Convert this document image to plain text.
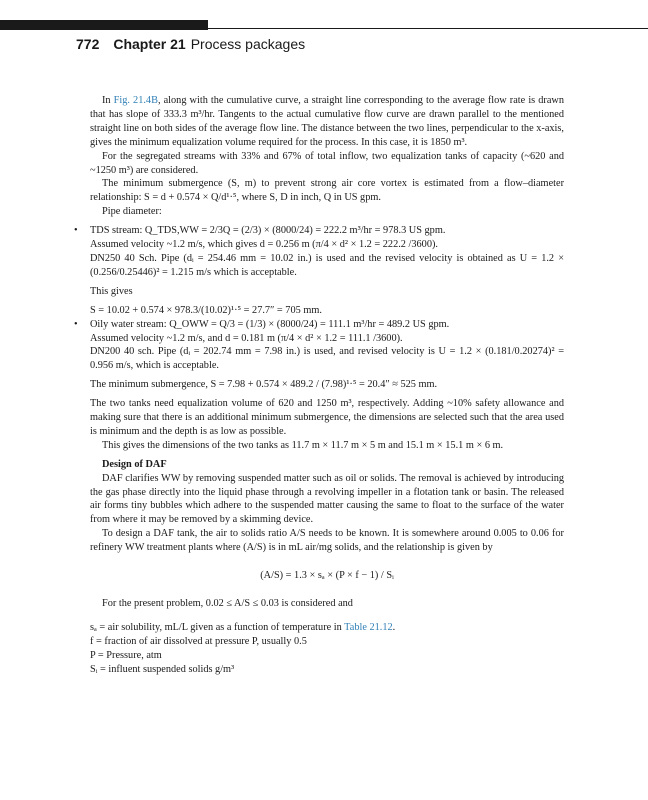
772 Chapter 21 Process packages

In Fig. 21.4B, along with the cumulative curve, a straight line corresponding to the average flow rate is drawn that has slope of 333.3 m³/hr. Tangents to the actual cumulative flow curve are drawn parallel to the mentioned straight line on both sides of the average flow line. The distance between the two lines, perpendicular to the x-axis, gives the minimum equalization volume required for the process. In this case, it is 1850 m³.

For the segregated streams with 33% and 67% of total inflow, two equalization tanks of capacity (~620 and ~1250 m³) are considered.

The minimum submergence (S, m) to prevent strong air core vortex is estimated from a flow–diameter relationship: S = d + 0.574 × Q/d¹·⁵, where S, D in inch, Q in US gpm.

Pipe diameter:

• TDS stream: Q_TDS,WW = 2/3Q = (2/3) × (8000/24) = 222.2 m³/hr = 978.3 US gpm.

Assumed velocity ~1.2 m/s, which gives d = 0.256 m (π/4 × d² × 1.2 = 222.2 /3600).

DN250 40 Sch. Pipe (dᵢ = 254.46 mm = 10.02 in.) is used and the revised velocity is obtained as U = 1.2 × (0.256/0.25446)² = 1.215 m/s which is acceptable.

This gives

S = 10.02 + 0.574 × 978.3/(10.02)¹·⁵ = 27.7″ = 705 mm.

• Oily water stream: Q_OWW = Q/3 = (1/3) × (8000/24) = 111.1 m³/hr = 489.2 US gpm.

Assumed velocity ~1.2 m/s, and d = 0.181 m (π/4 × d² × 1.2 = 111.1 /3600).

DN200 40 sch. Pipe (dᵢ = 202.74 mm = 7.98 in.) is used, and revised velocity is U = 1.2 × (0.181/0.20274)² = 0.956 m/s, which is acceptable.

The minimum submergence, S = 7.98 + 0.574 × 489.2 / (7.98)¹·⁵ = 20.4″ ≈ 525 mm.

The two tanks need equalization volume of 620 and 1250 m³, respectively. Adding ~10% safety allowance and making sure that there is an additional minimum submergence, the dimensions are selected such that the area used is minimum and the depth is as low as possible.

This gives the dimensions of the two tanks as 11.7 m × 11.7 m × 5 m and 15.1 m × 15.1 m × 6 m.

Design of DAF

DAF clarifies WW by removing suspended matter such as oil or solids. The removal is achieved by introducing the gas phase directly into the liquid phase through a revolving impeller in a flotation tank or basin. The released air forms tiny bubbles which adhere to the suspended matter causing the same to float to the surface of the water from where it may be removed by a skimming device.

To design a DAF tank, the air to solids ratio A/S needs to be known. It is somewhere around 0.005 to 0.06 for refinery WW treatment plants where (A/S) is in mL air/mg solids, and the relationship is given by

(A/S) = 1.3 × sₐ × (P × f − 1) / Sᵢ

For the present problem, 0.02 ≤ A/S ≤ 0.03 is considered and

sₐ = air solubility, mL/L given as a function of temperature in Table 21.12.

f = fraction of air dissolved at pressure P, usually 0.5

P = Pressure, atm

Sᵢ = influent suspended solids g/m³
